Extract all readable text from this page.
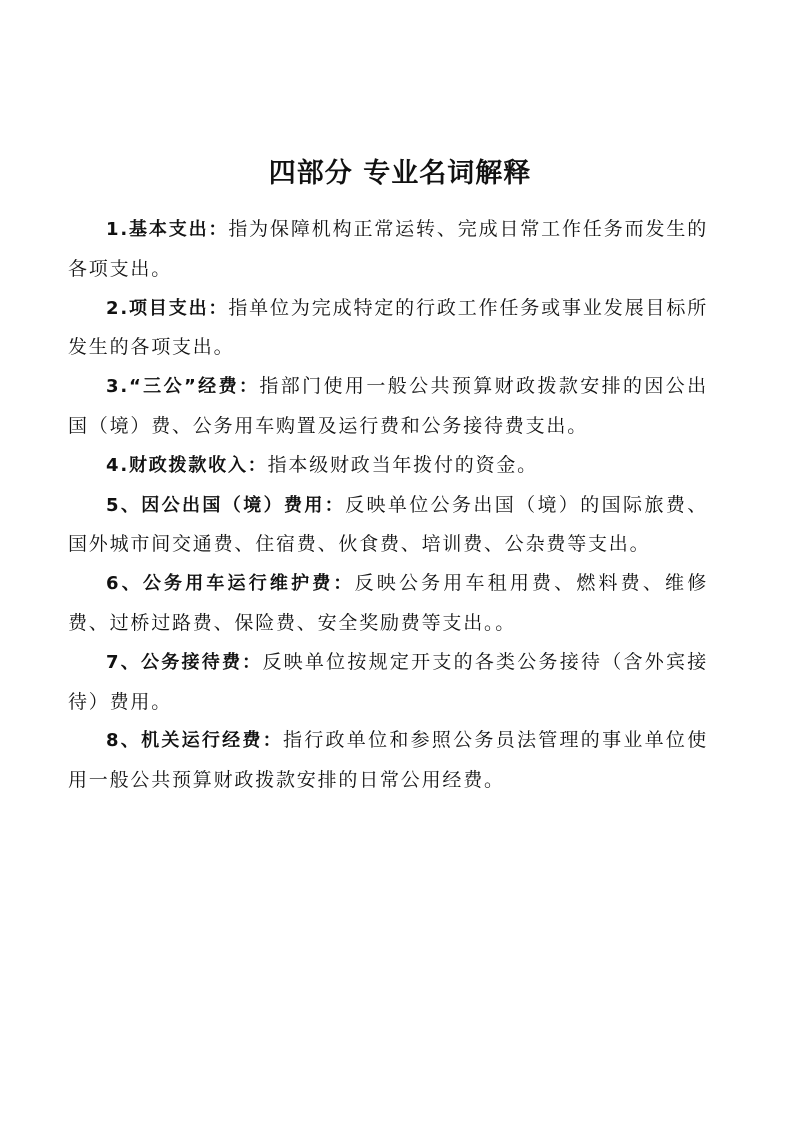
四部分 专业名词解释

1.基本支出：指为保障机构正常运转、完成日常工作任务而发生的各项支出。

2.项目支出：指单位为完成特定的行政工作任务或事业发展目标所发生的各项支出。

3.“三公”经费：指部门使用一般公共预算财政拨款安排的因公出国（境）费、公务用车购置及运行费和公务接待费支出。

4.财政拨款收入：指本级财政当年拨付的资金。

5、因公出国（境）费用：反映单位公务出国（境）的国际旅费、国外城市间交通费、住宿费、伙食费、培训费、公杂费等支出。

6、公务用车运行维护费：反映公务用车租用费、燃料费、维修费、过桥过路费、保险费、安全奖励费等支出。。

7、公务接待费：反映单位按规定开支的各类公务接待（含外宾接待）费用。

8、机关运行经费：指行政单位和参照公务员法管理的事业单位使用一般公共预算财政拨款安排的日常公用经费。
